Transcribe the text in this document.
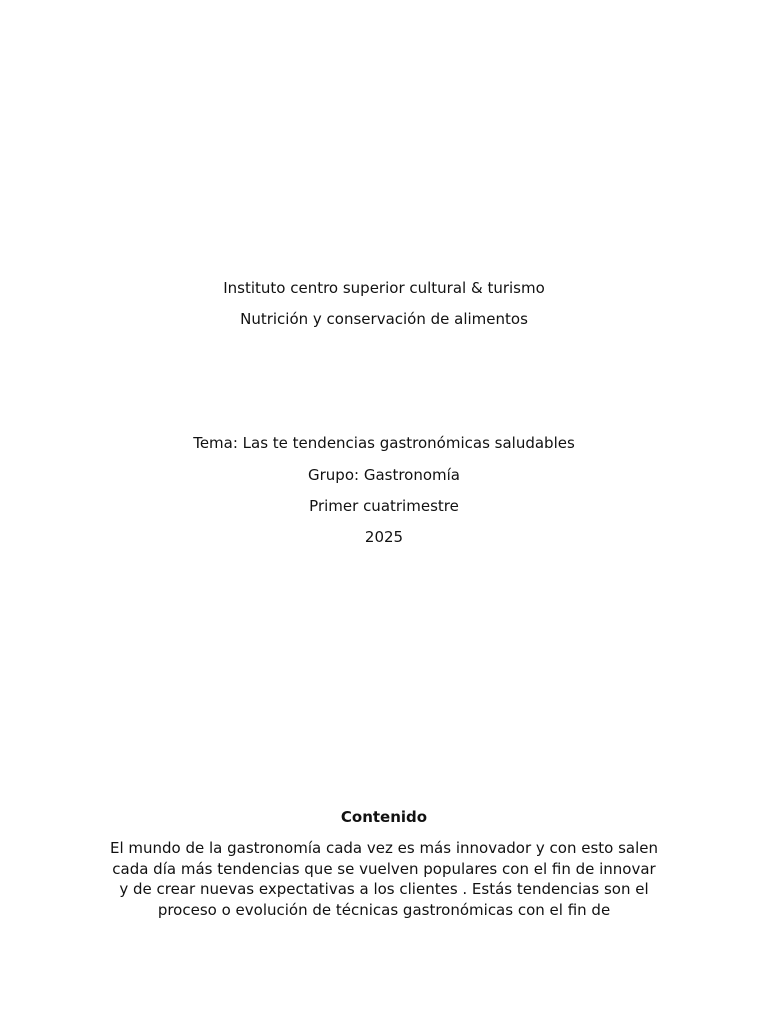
Instituto centro superior cultural & turismo
Nutrición y conservación de alimentos
Tema: Las te tendencias gastronómicas saludables
Grupo: Gastronomía
Primer cuatrimestre
2025
Contenido
El mundo de la gastronomía cada vez es más innovador y con esto salen
cada día más tendencias que se vuelven populares con el fin de innovar
y de crear nuevas expectativas a los clientes . Estás tendencias son el
proceso o evolución de técnicas gastronómicas con el fin de
